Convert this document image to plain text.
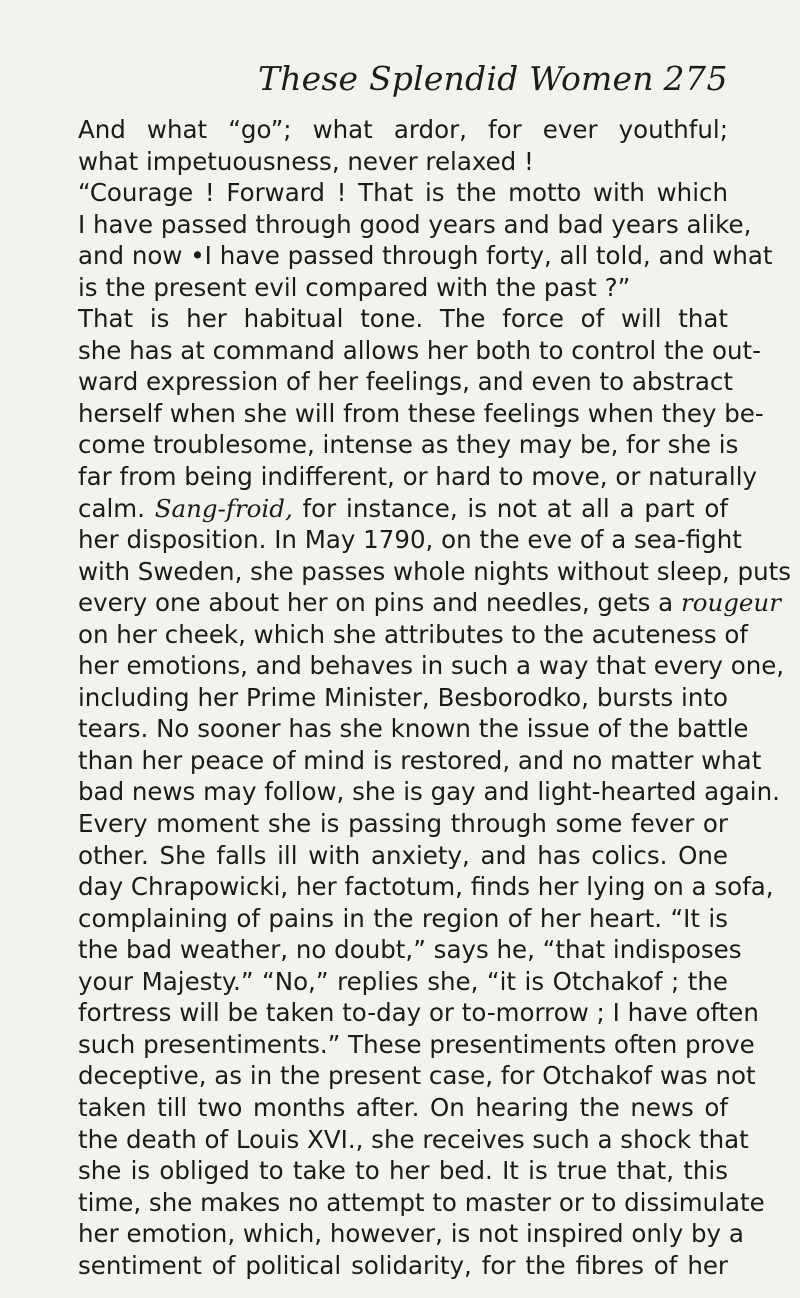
These Splendid Women 275
And what “go”; what ardor, for ever youthful;
what impetuousness, never relaxed !
“Courage ! Forward ! That is the motto with which
I have passed through good years and bad years alike,
and now •I have passed through forty, all told, and what
is the present evil compared with the past ?”
That is her habitual tone. The force of will that
she has at command allows her both to control the out-
ward expression of her feelings, and even to abstract
herself when she will from these feelings when they be-
come troublesome, intense as they may be, for she is
far from being indifferent, or hard to move, or naturally
calm. Sang-froid, for instance, is not at all a part of
her disposition. In May 1790, on the eve of a sea-fight
with Sweden, she passes whole nights without sleep, puts
every one about her on pins and needles, gets a rougeur
on her cheek, which she attributes to the acuteness of
her emotions, and behaves in such a way that every one,
including her Prime Minister, Besborodko, bursts into
tears. No sooner has she known the issue of the battle
than her peace of mind is restored, and no matter what
bad news may follow, she is gay and light-hearted again.
Every moment she is passing through some fever or
other. She falls ill with anxiety, and has colics. One
day Chrapowicki, her factotum, finds her lying on a sofa,
complaining of pains in the region of her heart. “It is
the bad weather, no doubt,” says he, “that indisposes
your Majesty.” “No,” replies she, “it is Otchakof ; the
fortress will be taken to-day or to-morrow ; I have often
such presentiments.” These presentiments often prove
deceptive, as in the present case, for Otchakof was not
taken till two months after. On hearing the news of
the death of Louis XVI., she receives such a shock that
she is obliged to take to her bed. It is true that, this
time, she makes no attempt to master or to dissimulate
her emotion, which, however, is not inspired only by a
sentiment of political solidarity, for the fibres of her
